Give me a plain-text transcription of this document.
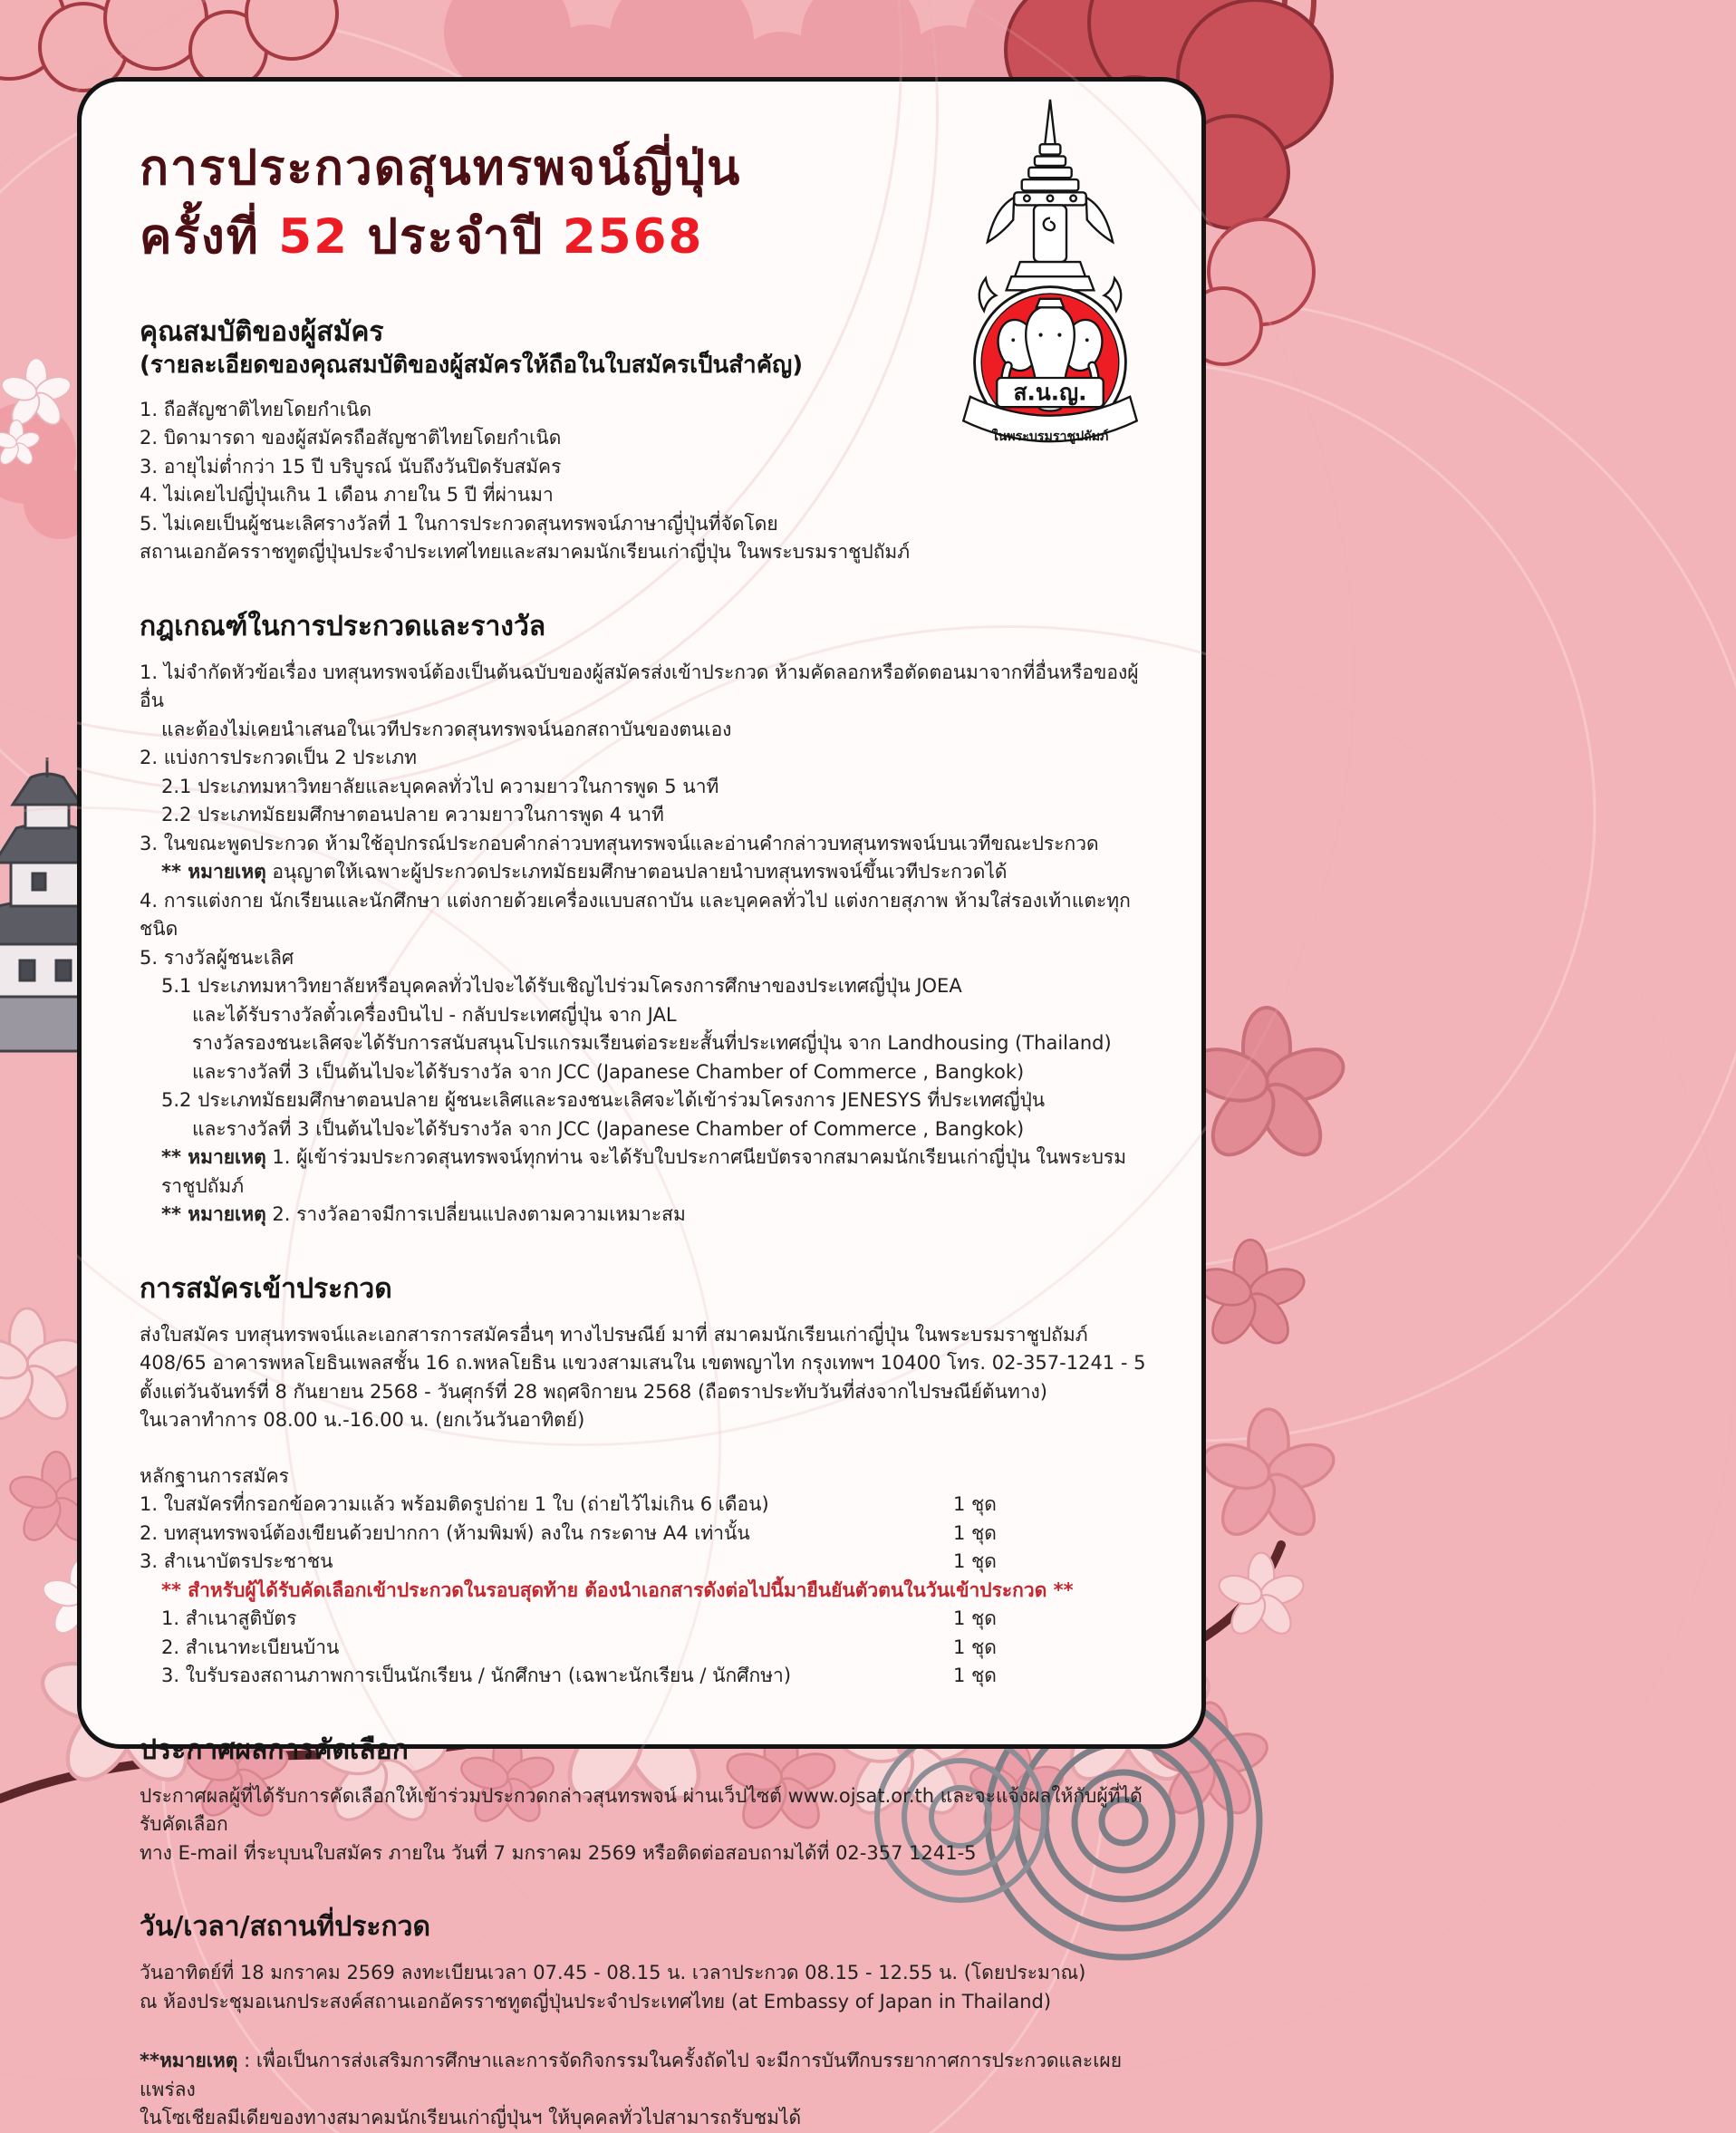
ส.น.ญ.
ในพระบรมราชูปถัมภ์
การประกวดสุนทรพจน์ญี่ปุ่น
ครั้งที่ 52 ประจำปี 2568
คุณสมบัติของผู้สมัคร
(รายละเอียดของคุณสมบัติของผู้สมัครให้ถือในใบสมัครเป็นสำคัญ)
1. ถือสัญชาติไทยโดยกำเนิด
2. บิดามารดา ของผู้สมัครถือสัญชาติไทยโดยกำเนิด
3. อายุไม่ต่ำกว่า 15 ปี บริบูรณ์ นับถึงวันปิดรับสมัคร
4. ไม่เคยไปญี่ปุ่นเกิน 1 เดือน ภายใน 5 ปี ที่ผ่านมา
5. ไม่เคยเป็นผู้ชนะเลิศรางวัลที่ 1 ในการประกวดสุนทรพจน์ภาษาญี่ปุ่นที่จัดโดย
สถานเอกอัครราชทูตญี่ปุ่นประจำประเทศไทยและสมาคมนักเรียนเก่าญี่ปุ่น ในพระบรมราชูปถัมภ์
กฎเกณฑ์ในการประกวดและรางวัล
1. ไม่จำกัดหัวข้อเรื่อง บทสุนทรพจน์ต้องเป็นต้นฉบับของผู้สมัครส่งเข้าประกวด ห้ามคัดลอกหรือตัดตอนมาจากที่อื่นหรือของผู้อื่น
และต้องไม่เคยนำเสนอในเวทีประกวดสุนทรพจน์นอกสถาบันของตนเอง
2. แบ่งการประกวดเป็น 2 ประเภท
2.1 ประเภทมหาวิทยาลัยและบุคคลทั่วไป ความยาวในการพูด 5 นาที
2.2 ประเภทมัธยมศึกษาตอนปลาย ความยาวในการพูด 4 นาที
3. ในขณะพูดประกวด ห้ามใช้อุปกรณ์ประกอบคำกล่าวบทสุนทรพจน์และอ่านคำกล่าวบทสุนทรพจน์บนเวทีขณะประกวด
** หมายเหตุ อนุญาตให้เฉพาะผู้ประกวดประเภทมัธยมศึกษาตอนปลายนำบทสุนทรพจน์ขึ้นเวทีประกวดได้
4. การแต่งกาย นักเรียนและนักศึกษา แต่งกายด้วยเครื่องแบบสถาบัน และบุคคลทั่วไป แต่งกายสุภาพ ห้ามใส่รองเท้าแตะทุกชนิด
5. รางวัลผู้ชนะเลิศ
5.1 ประเภทมหาวิทยาลัยหรือบุคคลทั่วไปจะได้รับเชิญไปร่วมโครงการศึกษาของประเทศญี่ปุ่น JOEA
และได้รับรางวัลตั๋วเครื่องบินไป - กลับประเทศญี่ปุ่น จาก JAL
รางวัลรองชนะเลิศจะได้รับการสนับสนุนโปรแกรมเรียนต่อระยะสั้นที่ประเทศญี่ปุ่น จาก Landhousing (Thailand)
และรางวัลที่ 3 เป็นต้นไปจะได้รับรางวัล จาก JCC (Japanese Chamber of Commerce , Bangkok)
5.2 ประเภทมัธยมศึกษาตอนปลาย ผู้ชนะเลิศและรองชนะเลิศจะได้เข้าร่วมโครงการ JENESYS ที่ประเทศญี่ปุ่น
และรางวัลที่ 3 เป็นต้นไปจะได้รับรางวัล จาก JCC (Japanese Chamber of Commerce , Bangkok)
** หมายเหตุ 1. ผู้เข้าร่วมประกวดสุนทรพจน์ทุกท่าน จะได้รับใบประกาศนียบัตรจากสมาคมนักเรียนเก่าญี่ปุ่น ในพระบรมราชูปถัมภ์
** หมายเหตุ 2. รางวัลอาจมีการเปลี่ยนแปลงตามความเหมาะสม
การสมัครเข้าประกวด
ส่งใบสมัคร บทสุนทรพจน์และเอกสารการสมัครอื่นๆ ทางไปรษณีย์ มาที่ สมาคมนักเรียนเก่าญี่ปุ่น ในพระบรมราชูปถัมภ์
408/65 อาคารพหลโยธินเพลสชั้น 16 ถ.พหลโยธิน แขวงสามเสนใน เขตพญาไท กรุงเทพฯ 10400 โทร. 02-357-1241 - 5
ตั้งแต่วันจันทร์ที่ 8 กันยายน 2568 - วันศุกร์ที่ 28 พฤศจิกายน 2568 (ถือตราประทับวันที่ส่งจากไปรษณีย์ต้นทาง)
ในเวลาทำการ 08.00 น.-16.00 น. (ยกเว้นวันอาทิตย์)
หลักฐานการสมัคร
1. ใบสมัครที่กรอกข้อความแล้ว พร้อมติดรูปถ่าย 1 ใบ (ถ่ายไว้ไม่เกิน 6 เดือน)	1 ชุด
2. บทสุนทรพจน์ต้องเขียนด้วยปากกา (ห้ามพิมพ์) ลงใน กระดาษ A4 เท่านั้น	1 ชุด
3. สำเนาบัตรประชาชน	1 ชุด
** สำหรับผู้ได้รับคัดเลือกเข้าประกวดในรอบสุดท้าย ต้องนำเอกสารดังต่อไปนี้มายืนยันตัวตนในวันเข้าประกวด **
1. สำเนาสูติบัตร	1 ชุด
2. สำเนาทะเบียนบ้าน	1 ชุด
3. ใบรับรองสถานภาพการเป็นนักเรียน / นักศึกษา (เฉพาะนักเรียน / นักศึกษา)	1 ชุด
ประกาศผลการคัดเลือก
ประกาศผลผู้ที่ได้รับการคัดเลือกให้เข้าร่วมประกวดกล่าวสุนทรพจน์ ผ่านเว็ปไซต์ www.ojsat.or.th และจะแจ้งผลให้กับผู้ที่ได้รับคัดเลือก
ทาง E-mail ที่ระบุบนใบสมัคร ภายใน วันที่ 7 มกราคม 2569 หรือติดต่อสอบถามได้ที่ 02-357 1241-5
วัน/เวลา/สถานที่ประกวด
วันอาทิตย์ที่ 18 มกราคม 2569 ลงทะเบียนเวลา 07.45 - 08.15 น. เวลาประกวด 08.15 - 12.55 น. (โดยประมาณ)
ณ ห้องประชุมอเนกประสงค์สถานเอกอัครราชทูตญี่ปุ่นประจำประเทศไทย (at Embassy of Japan in Thailand)
**หมายเหตุ : เพื่อเป็นการส่งเสริมการศึกษาและการจัดกิจกรรมในครั้งถัดไป จะมีการบันทึกบรรยากาศการประกวดและเผยแพร่ลง
ในโซเชียลมีเดียของทางสมาคมนักเรียนเก่าญี่ปุ่นฯ ให้บุคคลทั่วไปสามารถรับชมได้
